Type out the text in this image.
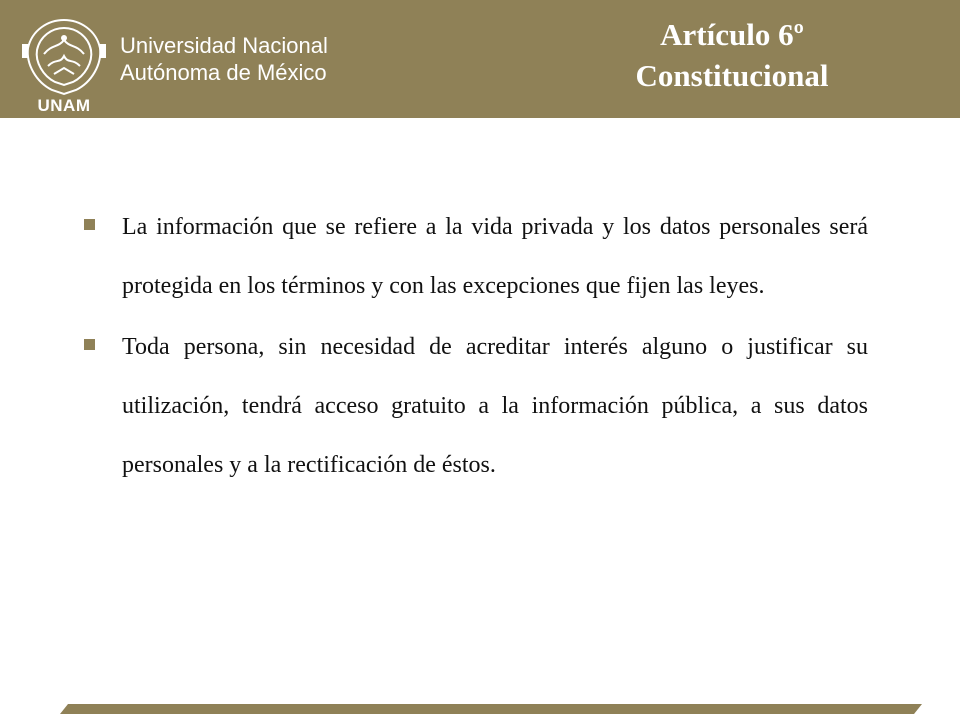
UNAM
Universidad Nacional
Autónoma de México
Artículo 6º
Constitucional
La información que se refiere a la vida privada y los datos personales será protegida en los términos y con las excepciones que fijen las leyes.
Toda persona, sin necesidad de acreditar interés alguno o justificar su utilización, tendrá acceso gratuito a la información pública, a sus datos personales y a la rectificación de éstos.
